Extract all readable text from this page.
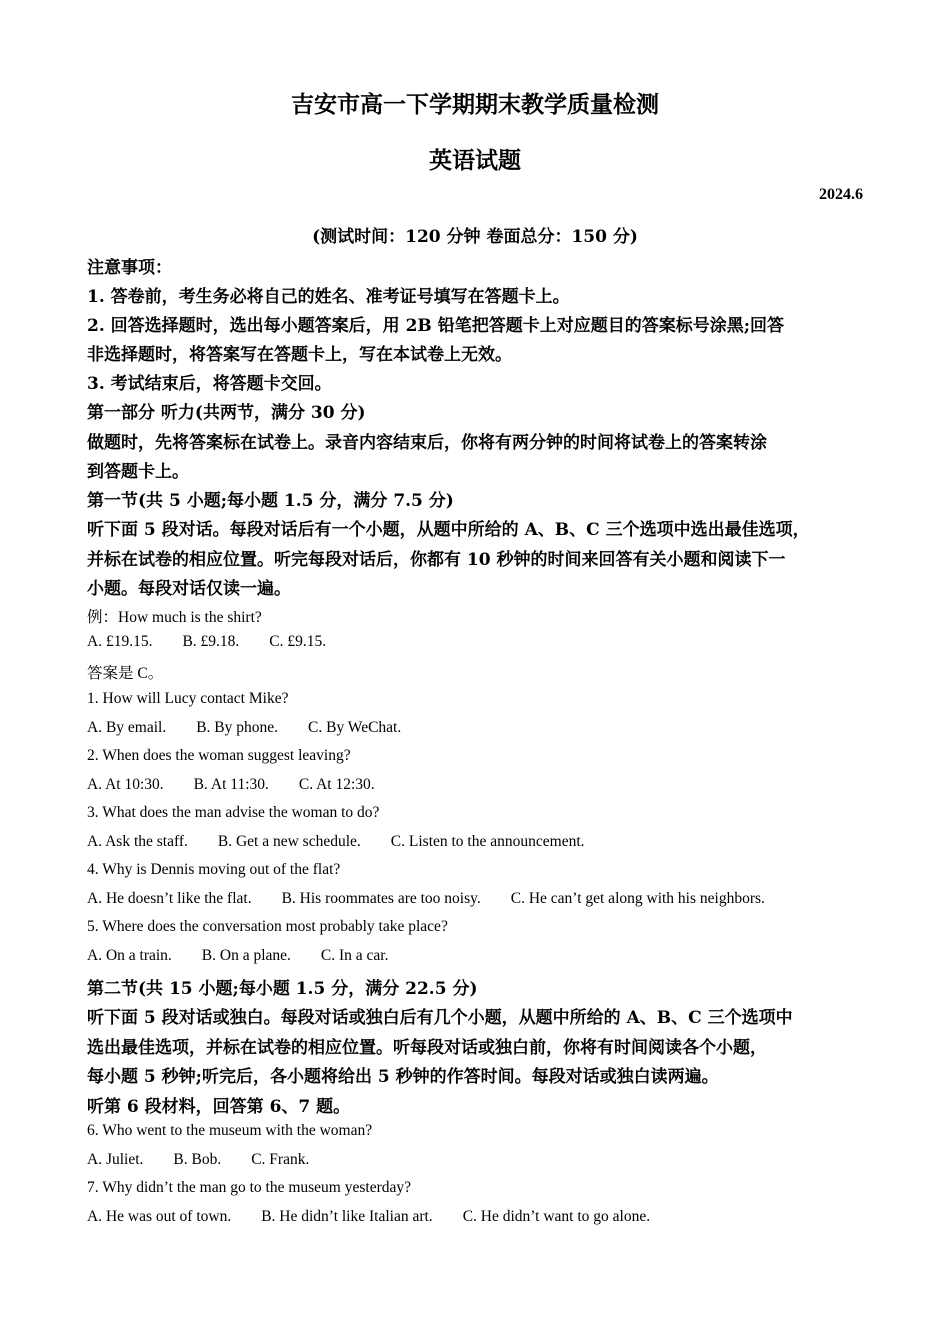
吉安市高一下学期期末教学质量检测
英语试题
2024.6
(测试时间：120 分钟 卷面总分：150 分)
注意事项：
1. 答卷前，考生务必将自己的姓名、准考证号填写在答题卡上。
2. 回答选择题时，选出每小题答案后，用 2B 铅笔把答题卡上对应题目的答案标号涂黑;回答
非选择题时，将答案写在答题卡上，写在本试卷上无效。
3. 考试结束后，将答题卡交回。
第一部分 听力(共两节，满分 30 分)
做题时，先将答案标在试卷上。录音内容结束后，你将有两分钟的时间将试卷上的答案转涂
到答题卡上。
第一节(共 5 小题;每小题 1.5 分，满分 7.5 分)
听下面 5 段对话。每段对话后有一个小题，从题中所给的 A、B、C 三个选项中选出最佳选项，
并标在试卷的相应位置。听完每段对话后，你都有 10 秒钟的时间来回答有关小题和阅读下一
小题。每段对话仅读一遍。
例：How much is the shirt?
A. £19.15. B. £9.18. C. £9.15.
答案是 C。
1. How will Lucy contact Mike?
A. By email. B. By phone. C. By WeChat.
2. When does the woman suggest leaving?
A. At 10:30. B. At 11:30. C. At 12:30.
3. What does the man advise the woman to do?
A. Ask the staff. B. Get a new schedule. C. Listen to the announcement.
4. Why is Dennis moving out of the flat?
A. He doesn’t like the flat. B. His roommates are too noisy. C. He can’t get along with his neighbors.
5. Where does the conversation most probably take place?
A. On a train. B. On a plane. C. In a car.
第二节(共 15 小题;每小题 1.5 分，满分 22.5 分)
听下面 5 段对话或独白。每段对话或独白后有几个小题，从题中所给的 A、B、C 三个选项中
选出最佳选项，并标在试卷的相应位置。听每段对话或独白前，你将有时间阅读各个小题，
每小题 5 秒钟;听完后，各小题将给出 5 秒钟的作答时间。每段对话或独白读两遍。
听第 6 段材料，回答第 6、7 题。
6. Who went to the museum with the woman?
A. Juliet. B. Bob. C. Frank.
7. Why didn’t the man go to the museum yesterday?
A. He was out of town. B. He didn’t like Italian art. C. He didn’t want to go alone.
